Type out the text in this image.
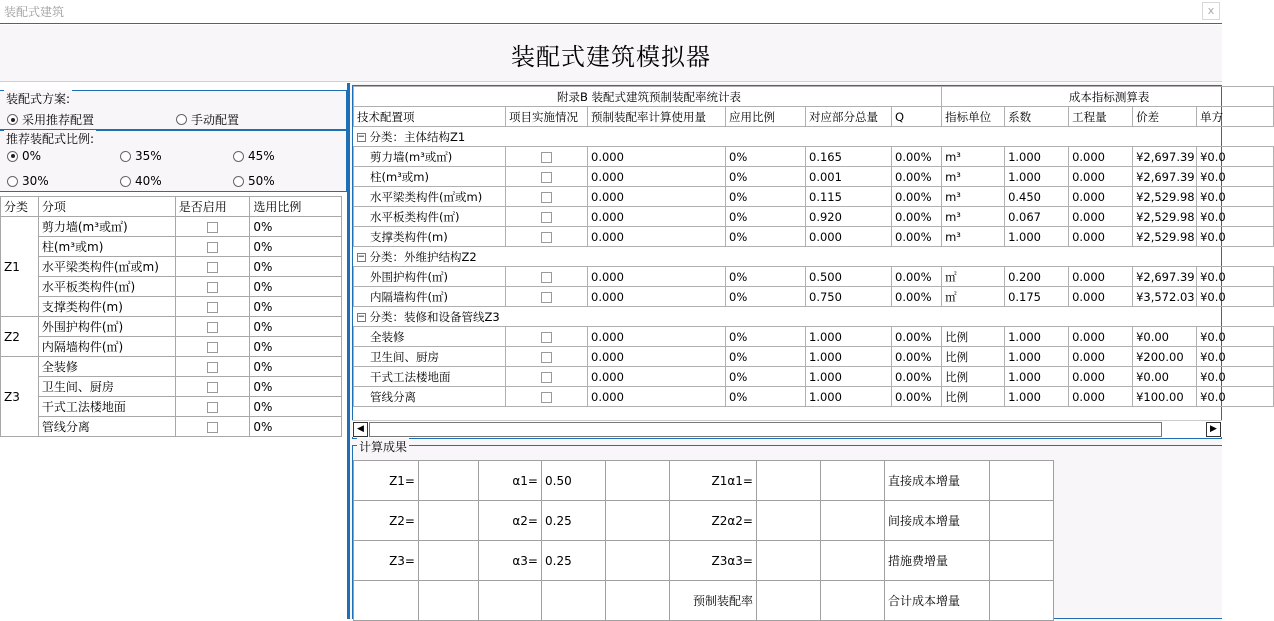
装配式建筑	x
装配式建筑模拟器
装配式方案:
采用推荐配置	手动配置
推荐装配式比例:
0%	35%	45%
30%	40%	50%
分类	分项	是否启用	选用比例
Z1	剪力墙(m³或㎡)		0%
	柱(m³或m)		0%
	水平梁类构件(㎡或m)		0%
	水平板类构件(㎡)		0%
	支撑类构件(m)		0%
Z2	外围护构件(㎡)		0%
	内隔墙构件(㎡)		0%
Z3	全装修		0%
	卫生间、厨房		0%
	干式工法楼地面		0%
	管线分离		0%
附录B 装配式建筑预制装配率统计表						成本指标测算表				
技术配置项	项目实施情况	预制装配率计算使用量	应用比例	对应部分总量	Q	指标单位	系数	工程量	价差	单方
− 分类：主体结构Z1										
剪力墙(m³或㎡)		0.000	0%	0.165	0.00%	m³	1.000	0.000	¥2,697.39	¥0.0
柱(m³或m)		0.000	0%	0.001	0.00%	m³	1.000	0.000	¥2,697.39	¥0.0
水平梁类构件(㎡或m)		0.000	0%	0.115	0.00%	m³	0.450	0.000	¥2,529.98	¥0.0
水平板类构件(㎡)		0.000	0%	0.920	0.00%	m³	0.067	0.000	¥2,529.98	¥0.0
支撑类构件(m)		0.000	0%	0.000	0.00%	m³	1.000	0.000	¥2,529.98	¥0.0
− 分类：外维护结构Z2										
外围护构件(㎡)		0.000	0%	0.500	0.00%	㎡	0.200	0.000	¥2,697.39	¥0.0
内隔墙构件(㎡)		0.000	0%	0.750	0.00%	㎡	0.175	0.000	¥3,572.03	¥0.0
− 分类：装修和设备管线Z3										
全装修		0.000	0%	1.000	0.00%	比例	1.000	0.000	¥0.00	¥0.0
卫生间、厨房		0.000	0%	1.000	0.00%	比例	1.000	0.000	¥200.00	¥0.0
干式工法楼地面		0.000	0%	1.000	0.00%	比例	1.000	0.000	¥0.00	¥0.0
管线分离		0.000	0%	1.000	0.00%	比例	1.000	0.000	¥100.00	¥0.0
◀	▶
计算成果
Z1=		α1=	0.50		Z1α1=			直接成本增量	
Z2=		α2=	0.25		Z2α2=			间接成本增量	
Z3=		α3=	0.25		Z3α3=			措施费增量	
					预制装配率			合计成本增量	
